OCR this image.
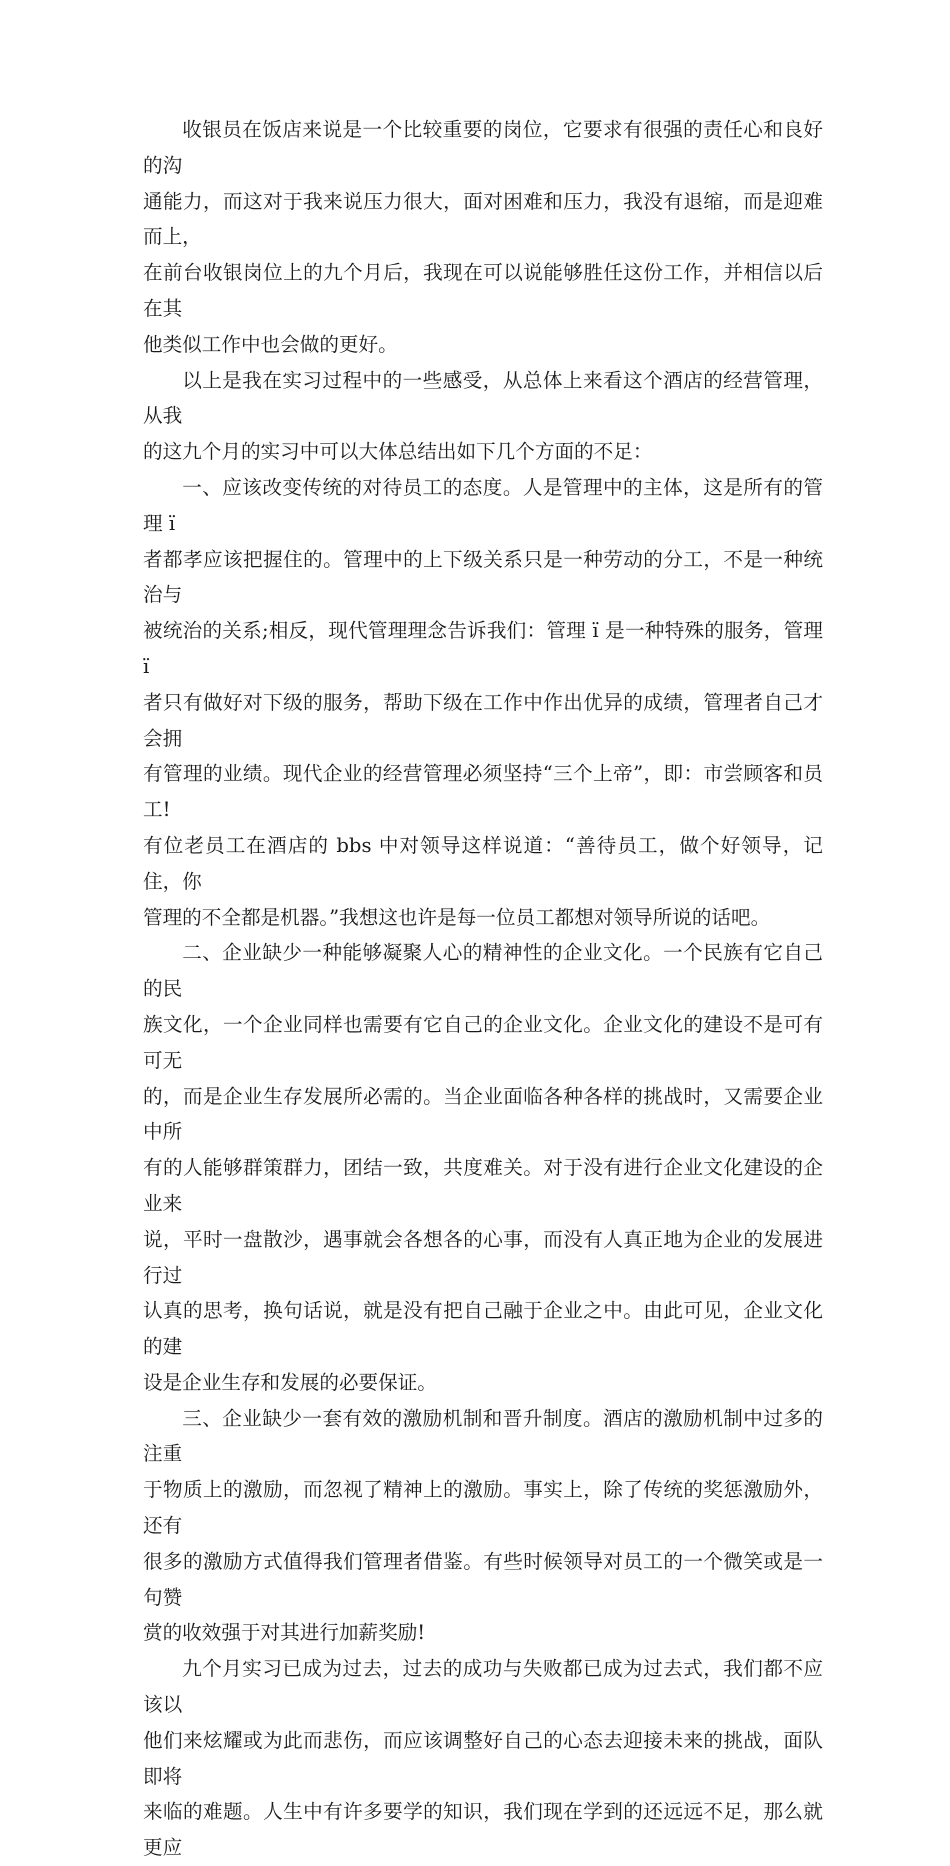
收银员在饭店来说是一个比较重要的岗位，它要求有很强的责任心和良好的沟
通能力，而这对于我来说压力很大，面对困难和压力，我没有退缩，而是迎难而上，
在前台收银岗位上的九个月后，我现在可以说能够胜任这份工作，并相信以后在其
他类似工作中也会做的更好。

以上是我在实习过程中的一些感受，从总体上来看这个酒店的经营管理，从我
的这九个月的实习中可以大体总结出如下几个方面的不足：

一、应该改变传统的对待员工的态度。人是管理中的主体，这是所有的管理 ï
者都孝应该把握住的。管理中的上下级关系只是一种劳动的分工，不是一种统治与
被统治的关系;相反，现代管理理念告诉我们：管理 ï 是一种特殊的服务，管理 ï
者只有做好对下级的服务，帮助下级在工作中作出优异的成绩，管理者自己才会拥
有管理的业绩。现代企业的经营管理必须坚持“三个上帝”，即：市尝顾客和员工!
有位老员工在酒店的 bbs 中对领导这样说道：“善待员工，做个好领导，记住，你
管理的不全都是机器。”我想这也许是每一位员工都想对领导所说的话吧。

二、企业缺少一种能够凝聚人心的精神性的企业文化。一个民族有它自己的民
族文化，一个企业同样也需要有它自己的企业文化。企业文化的建设不是可有可无
的，而是企业生存发展所必需的。当企业面临各种各样的挑战时，又需要企业中所
有的人能够群策群力，团结一致，共度难关。对于没有进行企业文化建设的企业来
说，平时一盘散沙，遇事就会各想各的心事，而没有人真正地为企业的发展进行过
认真的思考，换句话说，就是没有把自己融于企业之中。由此可见，企业文化的建
设是企业生存和发展的必要保证。

三、企业缺少一套有效的激励机制和晋升制度。酒店的激励机制中过多的注重
于物质上的激励，而忽视了精神上的激励。事实上，除了传统的奖惩激励外，还有
很多的激励方式值得我们管理者借鉴。有些时候领导对员工的一个微笑或是一句赞
赏的收效强于对其进行加薪奖励!

九个月实习已成为过去，过去的成功与失败都已成为过去式，我们都不应该以
他们来炫耀或为此而悲伤，而应该调整好自己的心态去迎接未来的挑战，面队即将
来临的难题。人生中有许多要学的知识，我们现在学到的还远远不足，那么就更应
